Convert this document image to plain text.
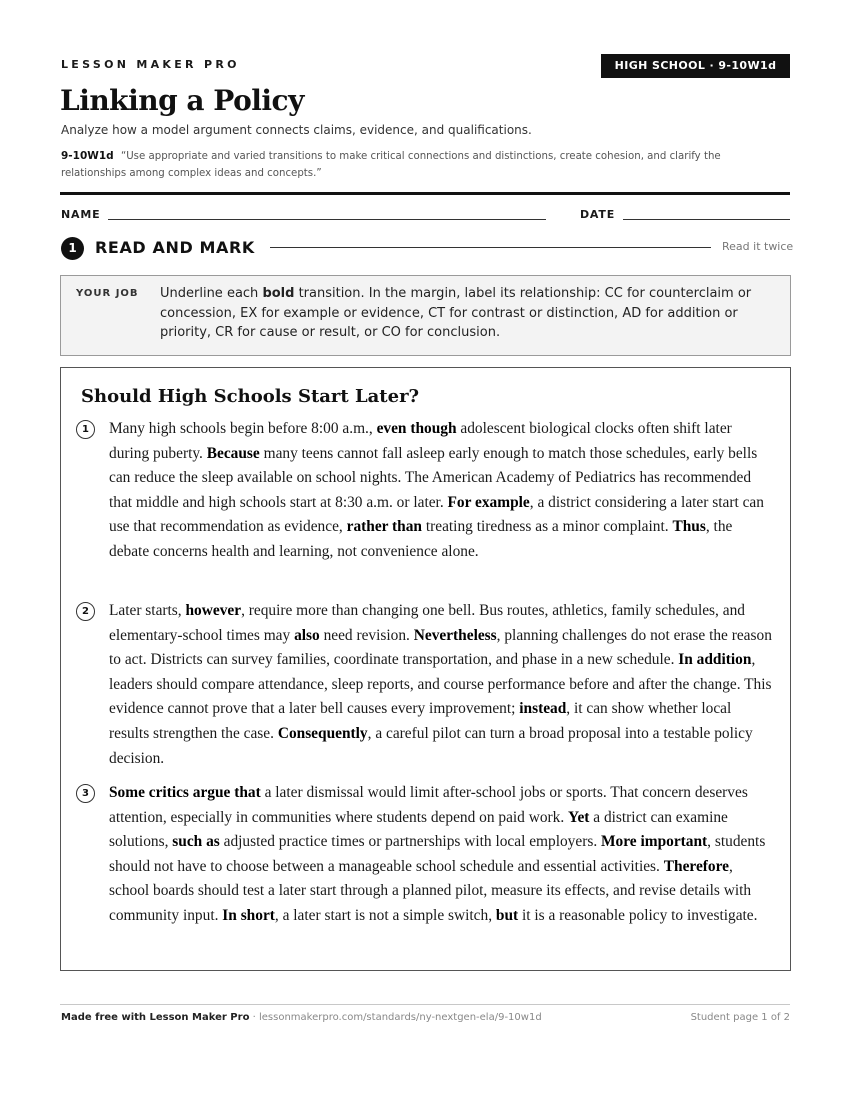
LESSON MAKER PRO	HIGH SCHOOL · 9-10W1d
Linking a Policy
Analyze how a model argument connects claims, evidence, and qualifications.
9-10W1d “Use appropriate and varied transitions to make critical connections and distinctions, create cohesion, and clarify the relationships among complex ideas and concepts.”
NAME	DATE
1	READ AND MARK	Read it twice
YOUR JOB Underline each bold transition. In the margin, label its relationship: CC for counterclaim or concession, EX for example or evidence, CT for contrast or distinction, AD for addition or priority, CR for cause or result, or CO for conclusion.
Should High Schools Start Later?
1	Many high schools begin before 8:00 a.m., even though adolescent biological clocks often shift later during puberty. Because many teens cannot fall asleep early enough to match those schedules, early bells can reduce the sleep available on school nights. The American Academy of Pediatrics has recommended that middle and high schools start at 8:30 a.m. or later. For example, a district considering a later start can use that recommendation as evidence, rather than treating tiredness as a minor complaint. Thus, the debate concerns health and learning, not convenience alone.
2	Later starts, however, require more than changing one bell. Bus routes, athletics, family schedules, and elementary-school times may also need revision. Nevertheless, planning challenges do not erase the reason to act. Districts can survey families, coordinate transportation, and phase in a new schedule. In addition, leaders should compare attendance, sleep reports, and course performance before and after the change. This evidence cannot prove that a later bell causes every improvement; instead, it can show whether local results strengthen the case. Consequently, a careful pilot can turn a broad proposal into a testable policy decision.
3	Some critics argue that a later dismissal would limit after-school jobs or sports. That concern deserves attention, especially in communities where students depend on paid work. Yet a district can examine solutions, such as adjusted practice times or partnerships with local employers. More important, students should not have to choose between a manageable school schedule and essential activities. Therefore, school boards should test a later start through a planned pilot, measure its effects, and revise details with community input. In short, a later start is not a simple switch, but it is a reasonable policy to investigate.
Made free with Lesson Maker Pro · lessonmakerpro.com/standards/ny-nextgen-ela/9-10w1d	Student page 1 of 2
